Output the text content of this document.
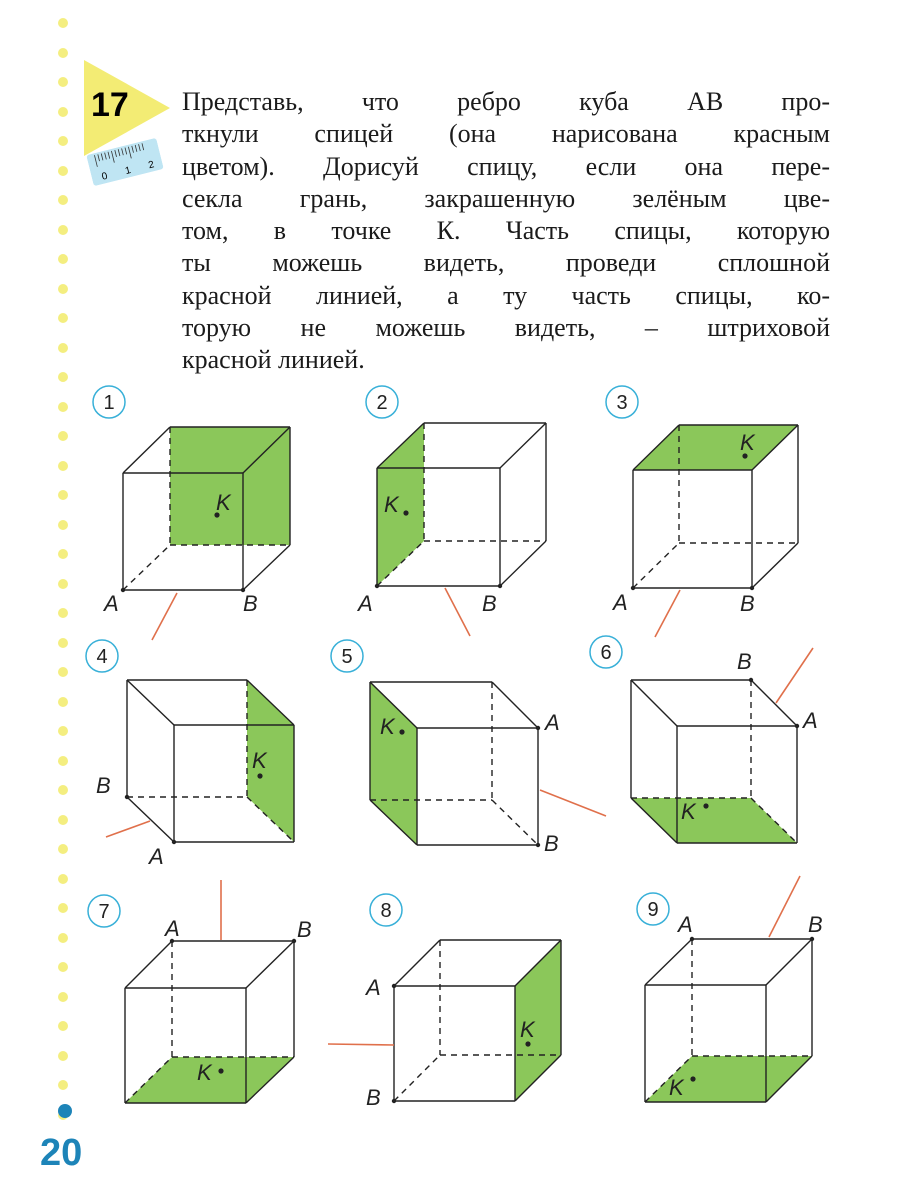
17
0 1 2
Представь, что ребро куба AB про-
ткнули спицей (она нарисована красным
цветом). Дорисуй спицу, если она пере-
секла грань, закрашенную зелёным цве-
том, в точке К. Часть спицы, которую
ты можешь видеть, проведи сплошной
красной линией, а ту часть спицы, ко-
торую не можешь видеть, – штриховой
красной линией.
K
A	B
1
K
A	B
2
K
A	B
3
K
A
B
4
K	A
B
5
K
A
B
6
K
A	B
7
K
A
B
8
K
A	B
9
20
